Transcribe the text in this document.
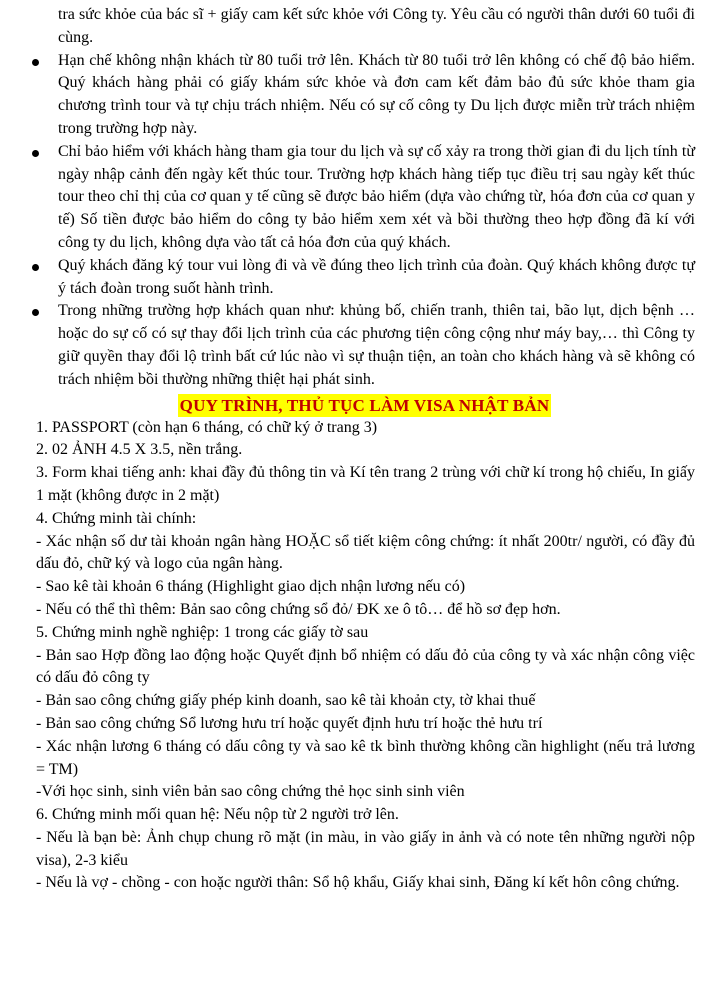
tra sức khỏe của bác sĩ + giấy cam kết sức khỏe với Công ty. Yêu cầu có người thân dưới 60 tuổi đi cùng.
Hạn chế không nhận khách từ 80 tuổi trở lên. Khách từ 80 tuổi trở lên không có chế độ bảo hiểm. Quý khách hàng phải có giấy khám sức khỏe và đơn cam kết đảm bảo đủ sức khỏe tham gia chương trình tour và tự chịu trách nhiệm. Nếu có sự cố công ty Du lịch được miễn trừ trách nhiệm trong trường hợp này.
Chỉ bảo hiểm với khách hàng tham gia tour du lịch và sự cố xảy ra trong thời gian đi du lịch tính từ ngày nhập cảnh đến ngày kết thúc tour. Trường hợp khách hàng tiếp tục điều trị sau ngày kết thúc tour theo chỉ thị của cơ quan y tế cũng sẽ được bảo hiểm (dựa vào chứng từ, hóa đơn của cơ quan y tế) Số tiền được bảo hiểm do công ty bảo hiểm xem xét và bồi thường theo hợp đồng đã kí với công ty du lịch, không dựa vào tất cả hóa đơn của quý khách.
Quý khách đăng ký tour vui lòng đi và về đúng theo lịch trình của đoàn. Quý khách không được tự ý tách đoàn trong suốt hành trình.
Trong những trường hợp khách quan như: khủng bố, chiến tranh, thiên tai, bão lụt, dịch bệnh … hoặc do sự cố có sự thay đổi lịch trình của các phương tiện công cộng như máy bay,… thì Công ty giữ quyền thay đổi lộ trình bất cứ lúc nào vì sự thuận tiện, an toàn cho khách hàng và sẽ không có trách nhiệm bồi thường những thiệt hại phát sinh.
QUY TRÌNH, THỦ TỤC LÀM VISA NHẬT BẢN
1. PASSPORT (còn hạn 6 tháng, có chữ ký ở trang 3)
2. 02 ẢNH 4.5 X 3.5, nền trắng.
3. Form khai tiếng anh: khai đầy đủ thông tin và Kí tên trang 2 trùng với chữ kí trong hộ chiếu, In giấy 1 mặt (không được in 2 mặt)
4. Chứng minh tài chính:
- Xác nhận số dư tài khoản ngân hàng HOẶC sổ tiết kiệm công chứng: ít nhất 200tr/ người, có đầy đủ dấu đỏ, chữ ký và logo của ngân hàng.
- Sao kê tài khoản 6 tháng (Highlight giao dịch nhận lương nếu có)
- Nếu có thể thì thêm: Bản sao công chứng sổ đỏ/ ĐK xe ô tô… để hồ sơ đẹp hơn.
5. Chứng minh nghề nghiệp: 1 trong các giấy tờ sau
- Bản sao Hợp đồng lao động hoặc Quyết định bổ nhiệm có dấu đỏ của công ty và xác nhận công việc có dấu đỏ công ty
- Bản sao công chứng giấy phép kinh doanh, sao kê tài khoản cty, tờ khai thuế
- Bản sao công chứng Sổ lương hưu trí hoặc quyết định hưu trí hoặc thẻ hưu trí
- Xác nhận lương 6 tháng có dấu công ty và sao kê tk bình thường không cần highlight (nếu trả lương = TM)
-Với học sinh, sinh viên bản sao công chứng thẻ học sinh sinh viên
6. Chứng minh mối quan hệ: Nếu nộp từ 2 người trở lên.
- Nếu là bạn bè: Ảnh chụp chung rõ mặt (in màu, in vào giấy in ảnh và có note tên những người nộp visa), 2-3 kiểu
- Nếu là vợ - chồng - con hoặc người thân: Sổ hộ khẩu, Giấy khai sinh, Đăng kí kết hôn công chứng.
